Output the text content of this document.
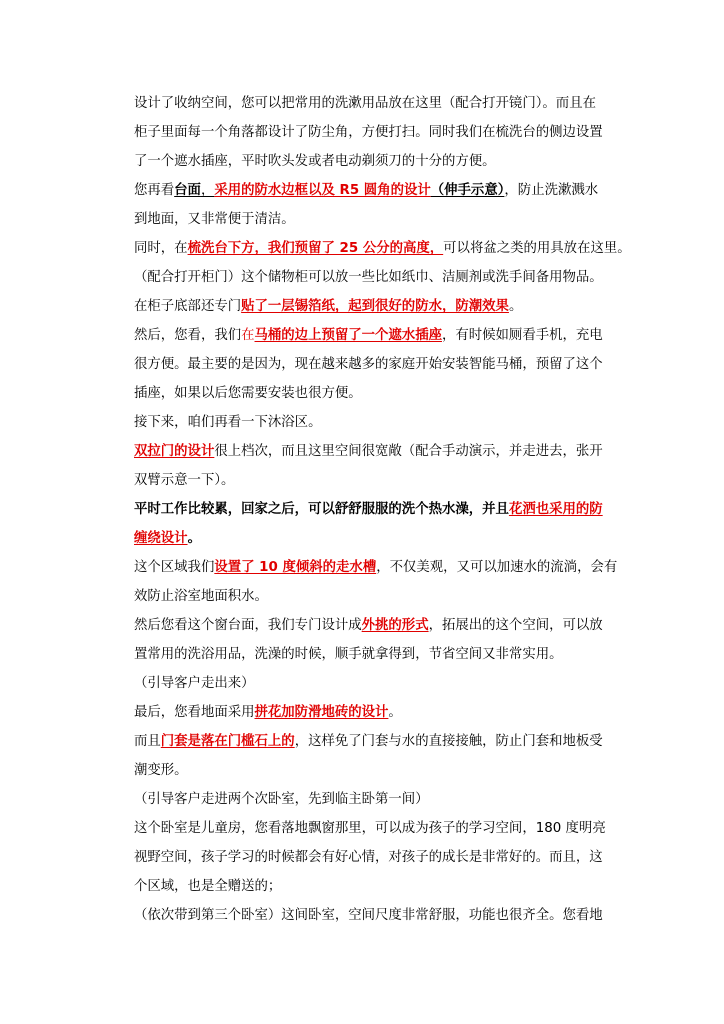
设计了收纳空间，您可以把常用的洗漱用品放在这里（配合打开镜门）。而且在
柜子里面每一个角落都设计了防尘角，方便打扫。同时我们在梳洗台的侧边设置
了一个遮水插座，平时吹头发或者电动剃须刀的十分的方便。
您再看台面，采用的防水边框以及 R5 圆角的设计（伸手示意），防止洗漱溅水
到地面，又非常便于清洁。
同时，在梳洗台下方，我们预留了 25 公分的高度，可以将盆之类的用具放在这里。
（配合打开柜门）这个储物柜可以放一些比如纸巾、洁厕剂或洗手间备用物品。
在柜子底部还专门贴了一层锡箔纸，起到很好的防水，防潮效果。
然后，您看，我们在马桶的边上预留了一个遮水插座，有时候如厕看手机，充电
很方便。最主要的是因为，现在越来越多的家庭开始安装智能马桶，预留了这个
插座，如果以后您需要安装也很方便。
接下来，咱们再看一下沐浴区。
双拉门的设计很上档次，而且这里空间很宽敞（配合手动演示，并走进去，张开
双臂示意一下）。
平时工作比较累，回家之后，可以舒舒服服的洗个热水澡，并且花洒也采用的防
缠绕设计。
这个区域我们设置了 10 度倾斜的走水槽，不仅美观，又可以加速水的流淌，会有
效防止浴室地面积水。
然后您看这个窗台面，我们专门设计成外挑的形式，拓展出的这个空间，可以放
置常用的洗浴用品，洗澡的时候，顺手就拿得到，节省空间又非常实用。
（引导客户走出来）
最后，您看地面采用拼花加防滑地砖的设计。
而且门套是落在门槛石上的，这样免了门套与水的直接接触，防止门套和地板受
潮变形。
（引导客户走进两个次卧室，先到临主卧第一间）
这个卧室是儿童房，您看落地飘窗那里，可以成为孩子的学习空间，180 度明亮
视野空间，孩子学习的时候都会有好心情，对孩子的成长是非常好的。而且，这
个区域，也是全赠送的；
（依次带到第三个卧室）这间卧室，空间尺度非常舒服，功能也很齐全。您看地
